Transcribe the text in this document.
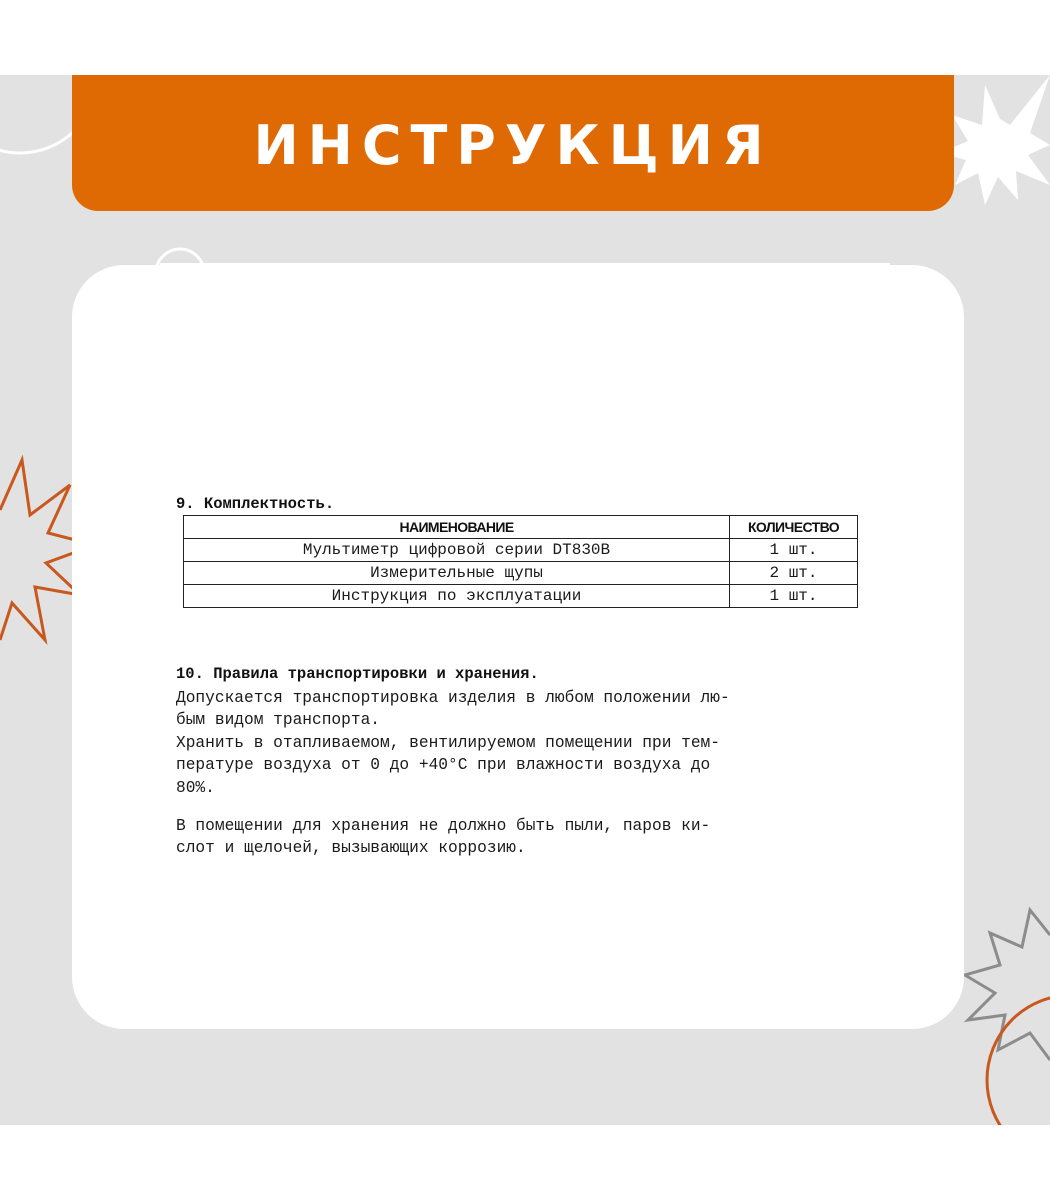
ИНСТРУКЦИЯ
9. Комплектность.
НАИМЕНОВАНИЕ	КОЛИЧЕСТВО
Мультиметр цифровой серии DT830B	1 шт.
Измерительные щупы	2 шт.
Инструкция по эксплуатации	1 шт.
10. Правила транспортировки и хранения.
Допускается транспортировка изделия в любом положении лю-
бым видом транспорта.
Хранить в отапливаемом, вентилируемом помещении при тем-
пературе воздуха от 0 до +40°С при влажности воздуха до
80%.
В помещении для хранения не должно быть пыли, паров ки-
слот и щелочей, вызывающих коррозию.
